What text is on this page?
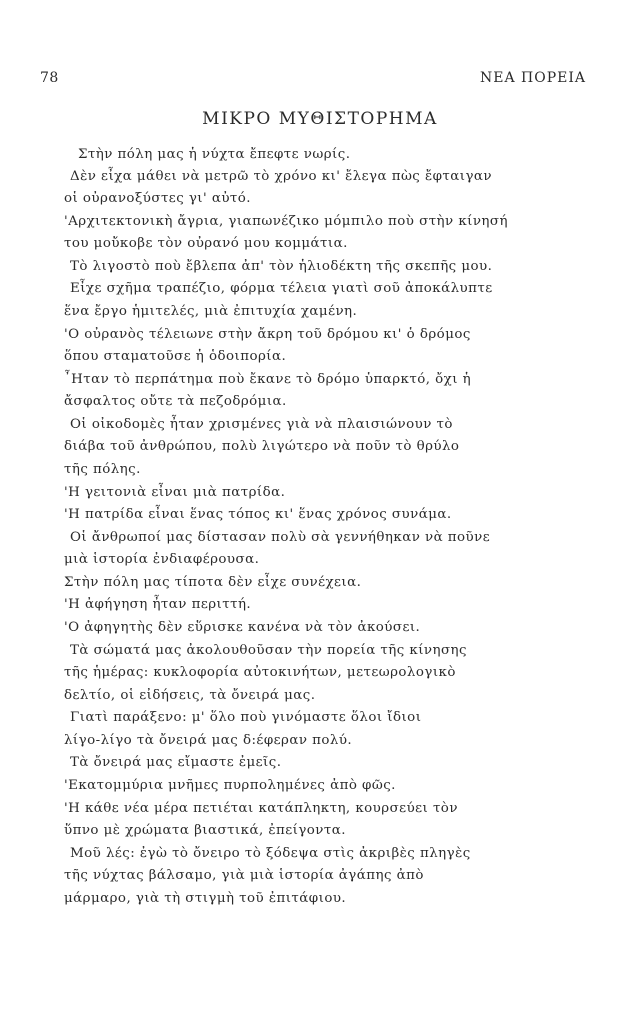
78	ΝΕΑ ΠΟΡΕΙΑ
ΜΙΚΡΟ ΜΥΘΙΣΤΟΡΗΜΑ
Στὴν πόλη μας ἡ νύχτα ἔπεφτε νωρίς.
Δὲν εἶχα μάθει νὰ μετρῶ τὸ χρόνο κι' ἔλεγα πὼς ἔφταιγαν
οἱ οὐρανοξύστες γι' αὐτό.
'Αρχιτεκτονικὴ ἄγρια, γιαπωνέζικο μόμπιλο ποὺ στὴν κίνησή
του μοὔκοβε τὸν οὐρανό μου κομμάτια.
Τὸ λιγοστὸ ποὺ ἔβλεπα ἀπ' τὸν ἡλιοδέκτη τῆς σκεπῆς μου.
Εἶχε σχῆμα τραπέζιο, φόρμα τέλεια γιατὶ σοῦ ἀποκάλυπτε
ἕνα ἔργο ἡμιτελές, μιὰ ἐπιτυχία χαμένη.
'Ο οὐρανὸς τέλειωνε στὴν ἄκρη τοῦ δρόμου κι' ὁ δρόμος
ὅπου σταματοῦσε ἡ ὁδοιπορία.
῏Ηταν τὸ περπάτημα ποὺ ἔκανε τὸ δρόμο ὑπαρκτό, ὄχι ἡ
ἄσφαλτος οὔτε τὰ πεζοδρόμια.
Οἱ οἰκοδομὲς ἦταν χρισμένες γιὰ νὰ πλαισιώνουν τὸ
διάβα τοῦ ἀνθρώπου, πολὺ λιγώτερο νὰ ποῦν τὸ θρύλο
τῆς πόλης.
'Η γειτονιὰ εἶναι μιὰ πατρίδα.
'Η πατρίδα εἶναι ἕνας τόπος κι' ἕνας χρόνος συνάμα.
Οἱ ἄνθρωποί μας δίστασαν πολὺ σὰ γεννήθηκαν νὰ ποῦνε
μιὰ ἱστορία ἐνδιαφέρουσα.
Στὴν πόλη μας τίποτα δὲν εἶχε συνέχεια.
'Η ἀφήγηση ἦταν περιττή.
'Ο ἀφηγητὴς δὲν εὕρισκε κανένα νὰ τὸν ἀκούσει.
Τὰ σώματά μας ἀκολουθοῦσαν τὴν πορεία τῆς κίνησης
τῆς ἡμέρας: κυκλοφορία αὐτοκινήτων, μετεωρολογικὸ
δελτίο, οἱ εἰδήσεις, τὰ ὄνειρά μας.
Γιατὶ παράξενο: μ' ὅλο ποὺ γινόμαστε ὅλοι ἴδιοι
λίγο-λίγο τὰ ὄνειρά μας δ:έφεραν πολύ.
Τὰ ὄνειρά μας εἴμαστε ἐμεῖς.
'Εκατομμύρια μνῆμες πυρπολημένες ἀπὸ φῶς.
'Η κάθε νέα μέρα πετιέται κατάπληκτη, κουρσεύει τὸν
ὕπνο μὲ χρώματα βιαστικά, ἐπείγοντα.
Μοῦ λές: ἐγὼ τὸ ὄνειρο τὸ ξόδεψα στὶς ἀκριβὲς πληγὲς
τῆς νύχτας βάλσαμο, γιὰ μιὰ ἱστορία ἀγάπης ἀπὸ
μάρμαρο, γιὰ τὴ στιγμὴ τοῦ ἐπιτάφιου.
